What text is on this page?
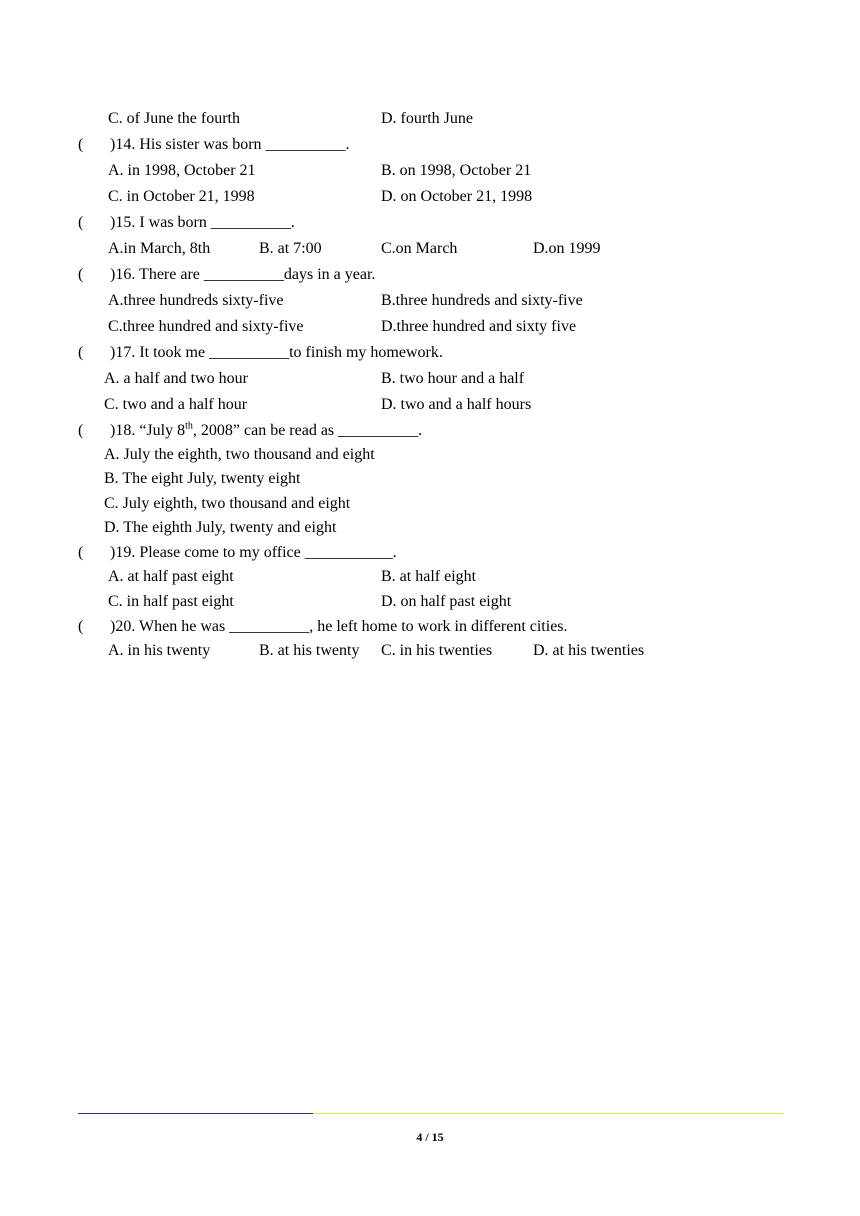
C. of June the fourth	D. fourth June
( )14. His sister was born __________.
A. in 1998, October 21	B. on 1998, October 21
C. in October 21, 1998	D. on October 21, 1998
( )15. I was born __________.
A.in March, 8th	B. at 7:00	C.on March	D.on 1999
( )16. There are __________days in a year.
A.three hundreds sixty-five	B.three hundreds and sixty-five
C.three hundred and sixty-five	D.three hundred and sixty five
( )17. It took me __________to finish my homework.
A. a half and two hour	B. two hour and a half
C. two and a half hour	D. two and a half hours
( )18. “July 8th, 2008” can be read as __________.
A. July the eighth, two thousand and eight
B. The eight July, twenty eight
C. July eighth, two thousand and eight
D. The eighth July, twenty and eight
( )19. Please come to my office ___________.
A. at half past eight	B. at half eight
C. in half past eight	D. on half past eight
( )20. When he was __________, he left home to work in different cities.
A. in his twenty	B. at his twenty C. in his twenties	D. at his twenties
4 / 15
